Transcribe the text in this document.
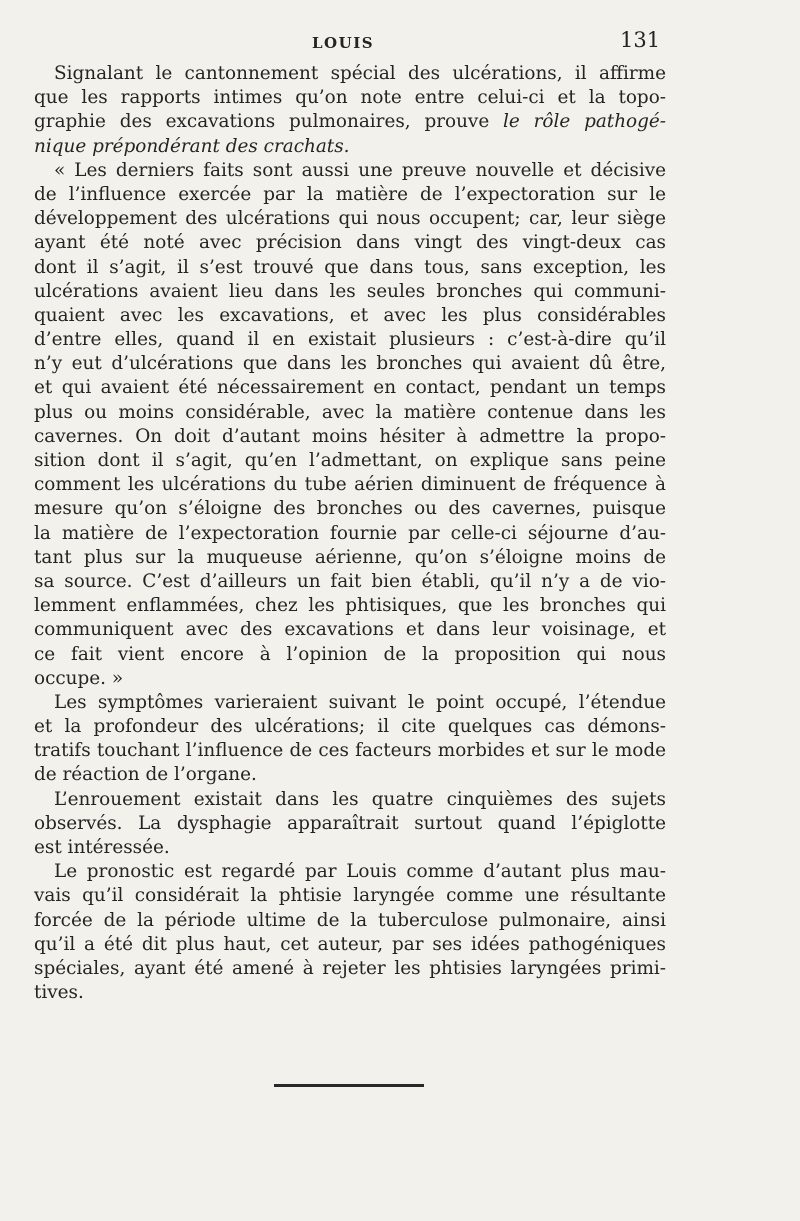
LOUIS	131
Signalant le cantonnement spécial des ulcérations, il affirme
que les rapports intimes qu’on note entre celui-ci et la topo-
graphie des excavations pulmonaires, prouve le rôle pathogé-
nique prépondérant des crachats.
« Les derniers faits sont aussi une preuve nouvelle et décisive
de l’influence exercée par la matière de l’expectoration sur le
développement des ulcérations qui nous occupent; car, leur siège
ayant été noté avec précision dans vingt des vingt-deux cas
dont il s’agit, il s’est trouvé que dans tous, sans exception, les
ulcérations avaient lieu dans les seules bronches qui communi-
quaient avec les excavations, et avec les plus considérables
d’entre elles, quand il en existait plusieurs : c’est-à-dire qu’il
n’y eut d’ulcérations que dans les bronches qui avaient dû être,
et qui avaient été nécessairement en contact, pendant un temps
plus ou moins considérable, avec la matière contenue dans les
cavernes. On doit d’autant moins hésiter à admettre la propo-
sition dont il s’agit, qu’en l’admettant, on explique sans peine
comment les ulcérations du tube aérien diminuent de fréquence à
mesure qu’on s’éloigne des bronches ou des cavernes, puisque
la matière de l’expectoration fournie par celle-ci séjourne d’au-
tant plus sur la muqueuse aérienne, qu’on s’éloigne moins de
sa source. C’est d’ailleurs un fait bien établi, qu’il n’y a de vio-
lemment enflammées, chez les phtisiques, que les bronches qui
communiquent avec des excavations et dans leur voisinage, et
ce fait vient encore à l’opinion de la proposition qui nous
occupe. »
Les symptômes varieraient suivant le point occupé, l’étendue
et la profondeur des ulcérations; il cite quelques cas démons-
tratifs touchant l’influence de ces facteurs morbides et sur le mode
de réaction de l’organe.
L’enrouement existait dans les quatre cinquièmes des sujets
observés. La dysphagie apparaîtrait surtout quand l’épiglotte
est intéressée.
Le pronostic est regardé par Louis comme d’autant plus mau-
vais qu’il considérait la phtisie laryngée comme une résultante
forcée de la période ultime de la tuberculose pulmonaire, ainsi
qu’il a été dit plus haut, cet auteur, par ses idées pathogéniques
spéciales, ayant été amené à rejeter les phtisies laryngées primi-
tives.
